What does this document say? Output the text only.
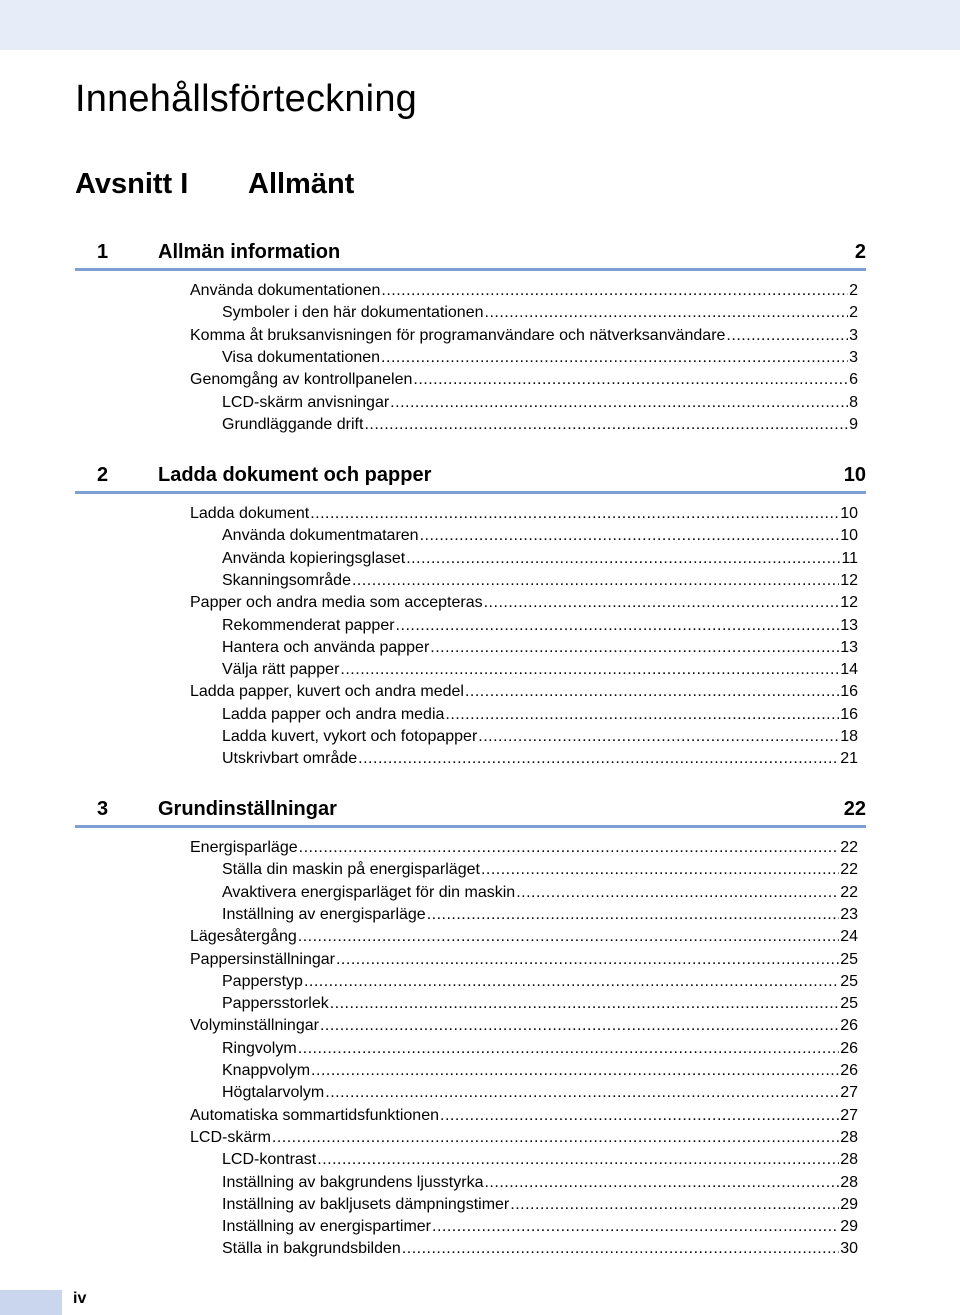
Innehållsförteckning
Avsnitt I Allmänt
1 Allmän information	2
Använda dokumentationen .....	2
Symboler i den här dokumentationen .....	2
Komma åt bruksanvisningen för programanvändare och nätverksanvändare .....	3
Visa dokumentationen .....	3
Genomgång av kontrollpanelen .....	6
LCD-skärm anvisningar .....	8
Grundläggande drift .....	9
2 Ladda dokument och papper	10
Ladda dokument .....	10
Använda dokumentmataren .....	10
Använda kopieringsglaset .....	11
Skanningsområde .....	12
Papper och andra media som accepteras .....	12
Rekommenderat papper .....	13
Hantera och använda papper .....	13
Välja rätt papper .....	14
Ladda papper, kuvert och andra medel .....	16
Ladda papper och andra media .....	16
Ladda kuvert, vykort och fotopapper .....	18
Utskrivbart område .....	21
3 Grundinställningar	22
Energisparläge .....	22
Ställa din maskin på energisparläget .....	22
Avaktivera energisparläget för din maskin .....	22
Inställning av energisparläge .....	23
Lägesåtergång .....	24
Pappersinställningar .....	25
Papperstyp .....	25
Pappersstorlek .....	25
Volyminställningar .....	26
Ringvolym .....	26
Knappvolym .....	26
Högtalarvolym .....	27
Automatiska sommartidsfunktionen .....	27
LCD-skärm .....	28
LCD-kontrast .....	28
Inställning av bakgrundens ljusstyrka .....	28
Inställning av bakljusets dämpningstimer .....	29
Inställning av energispartimer .....	29
Ställa in bakgrundsbilden .....	30
iv
